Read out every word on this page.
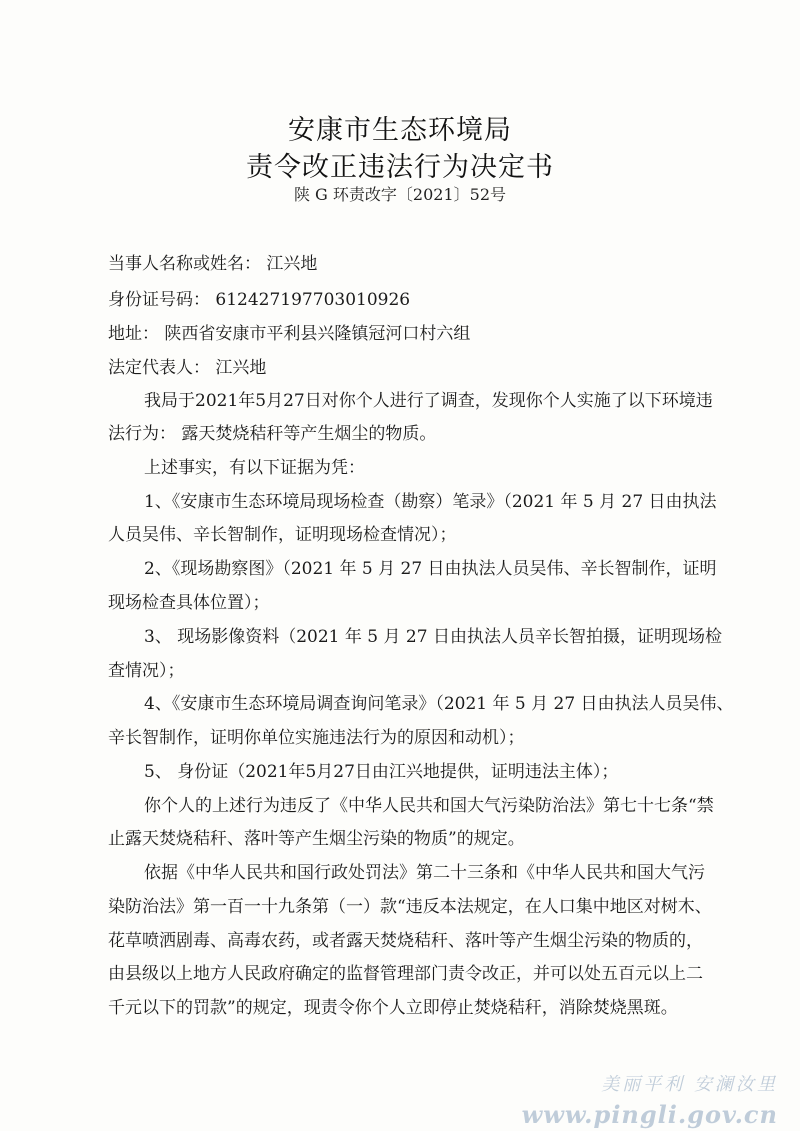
安康市生态环境局
责令改正违法行为决定书
陕 G 环责改字〔2021〕52号
当事人名称或姓名： 江兴地
身份证号码： 612427197703010926
地址： 陕西省安康市平利县兴隆镇冠河口村六组
法定代表人： 江兴地
我局于2021年5月27日对你个人进行了调查，发现你个人实施了以下环境违
法行为： 露天焚烧秸秆等产生烟尘的物质。
上述事实，有以下证据为凭：
1、《安康市生态环境局现场检查（勘察）笔录》（2021 年 5 月 27 日由执法
人员吴伟、辛长智制作，证明现场检查情况）；
2、《现场勘察图》（2021 年 5 月 27 日由执法人员吴伟、辛长智制作，证明
现场检查具体位置）；
3、 现场影像资料（2021 年 5 月 27 日由执法人员辛长智拍摄，证明现场检
查情况）；
4、《安康市生态环境局调查询问笔录》（2021 年 5 月 27 日由执法人员吴伟、
辛长智制作，证明你单位实施违法行为的原因和动机）；
5、 身份证（2021年5月27日由江兴地提供，证明违法主体）；
你个人的上述行为违反了《中华人民共和国大气污染防治法》第七十七条“禁
止露天焚烧秸秆、落叶等产生烟尘污染的物质”的规定。
依据《中华人民共和国行政处罚法》第二十三条和《中华人民共和国大气污
染防治法》第一百一十九条第（一）款“违反本法规定，在人口集中地区对树木、
花草喷洒剧毒、高毒农药，或者露天焚烧秸秆、落叶等产生烟尘污染的物质的，
由县级以上地方人民政府确定的监督管理部门责令改正，并可以处五百元以上二
千元以下的罚款”的规定，现责令你个人立即停止焚烧秸秆，消除焚烧黑斑。
美丽平利 安澜汝里
www.pingli.gov.cn
